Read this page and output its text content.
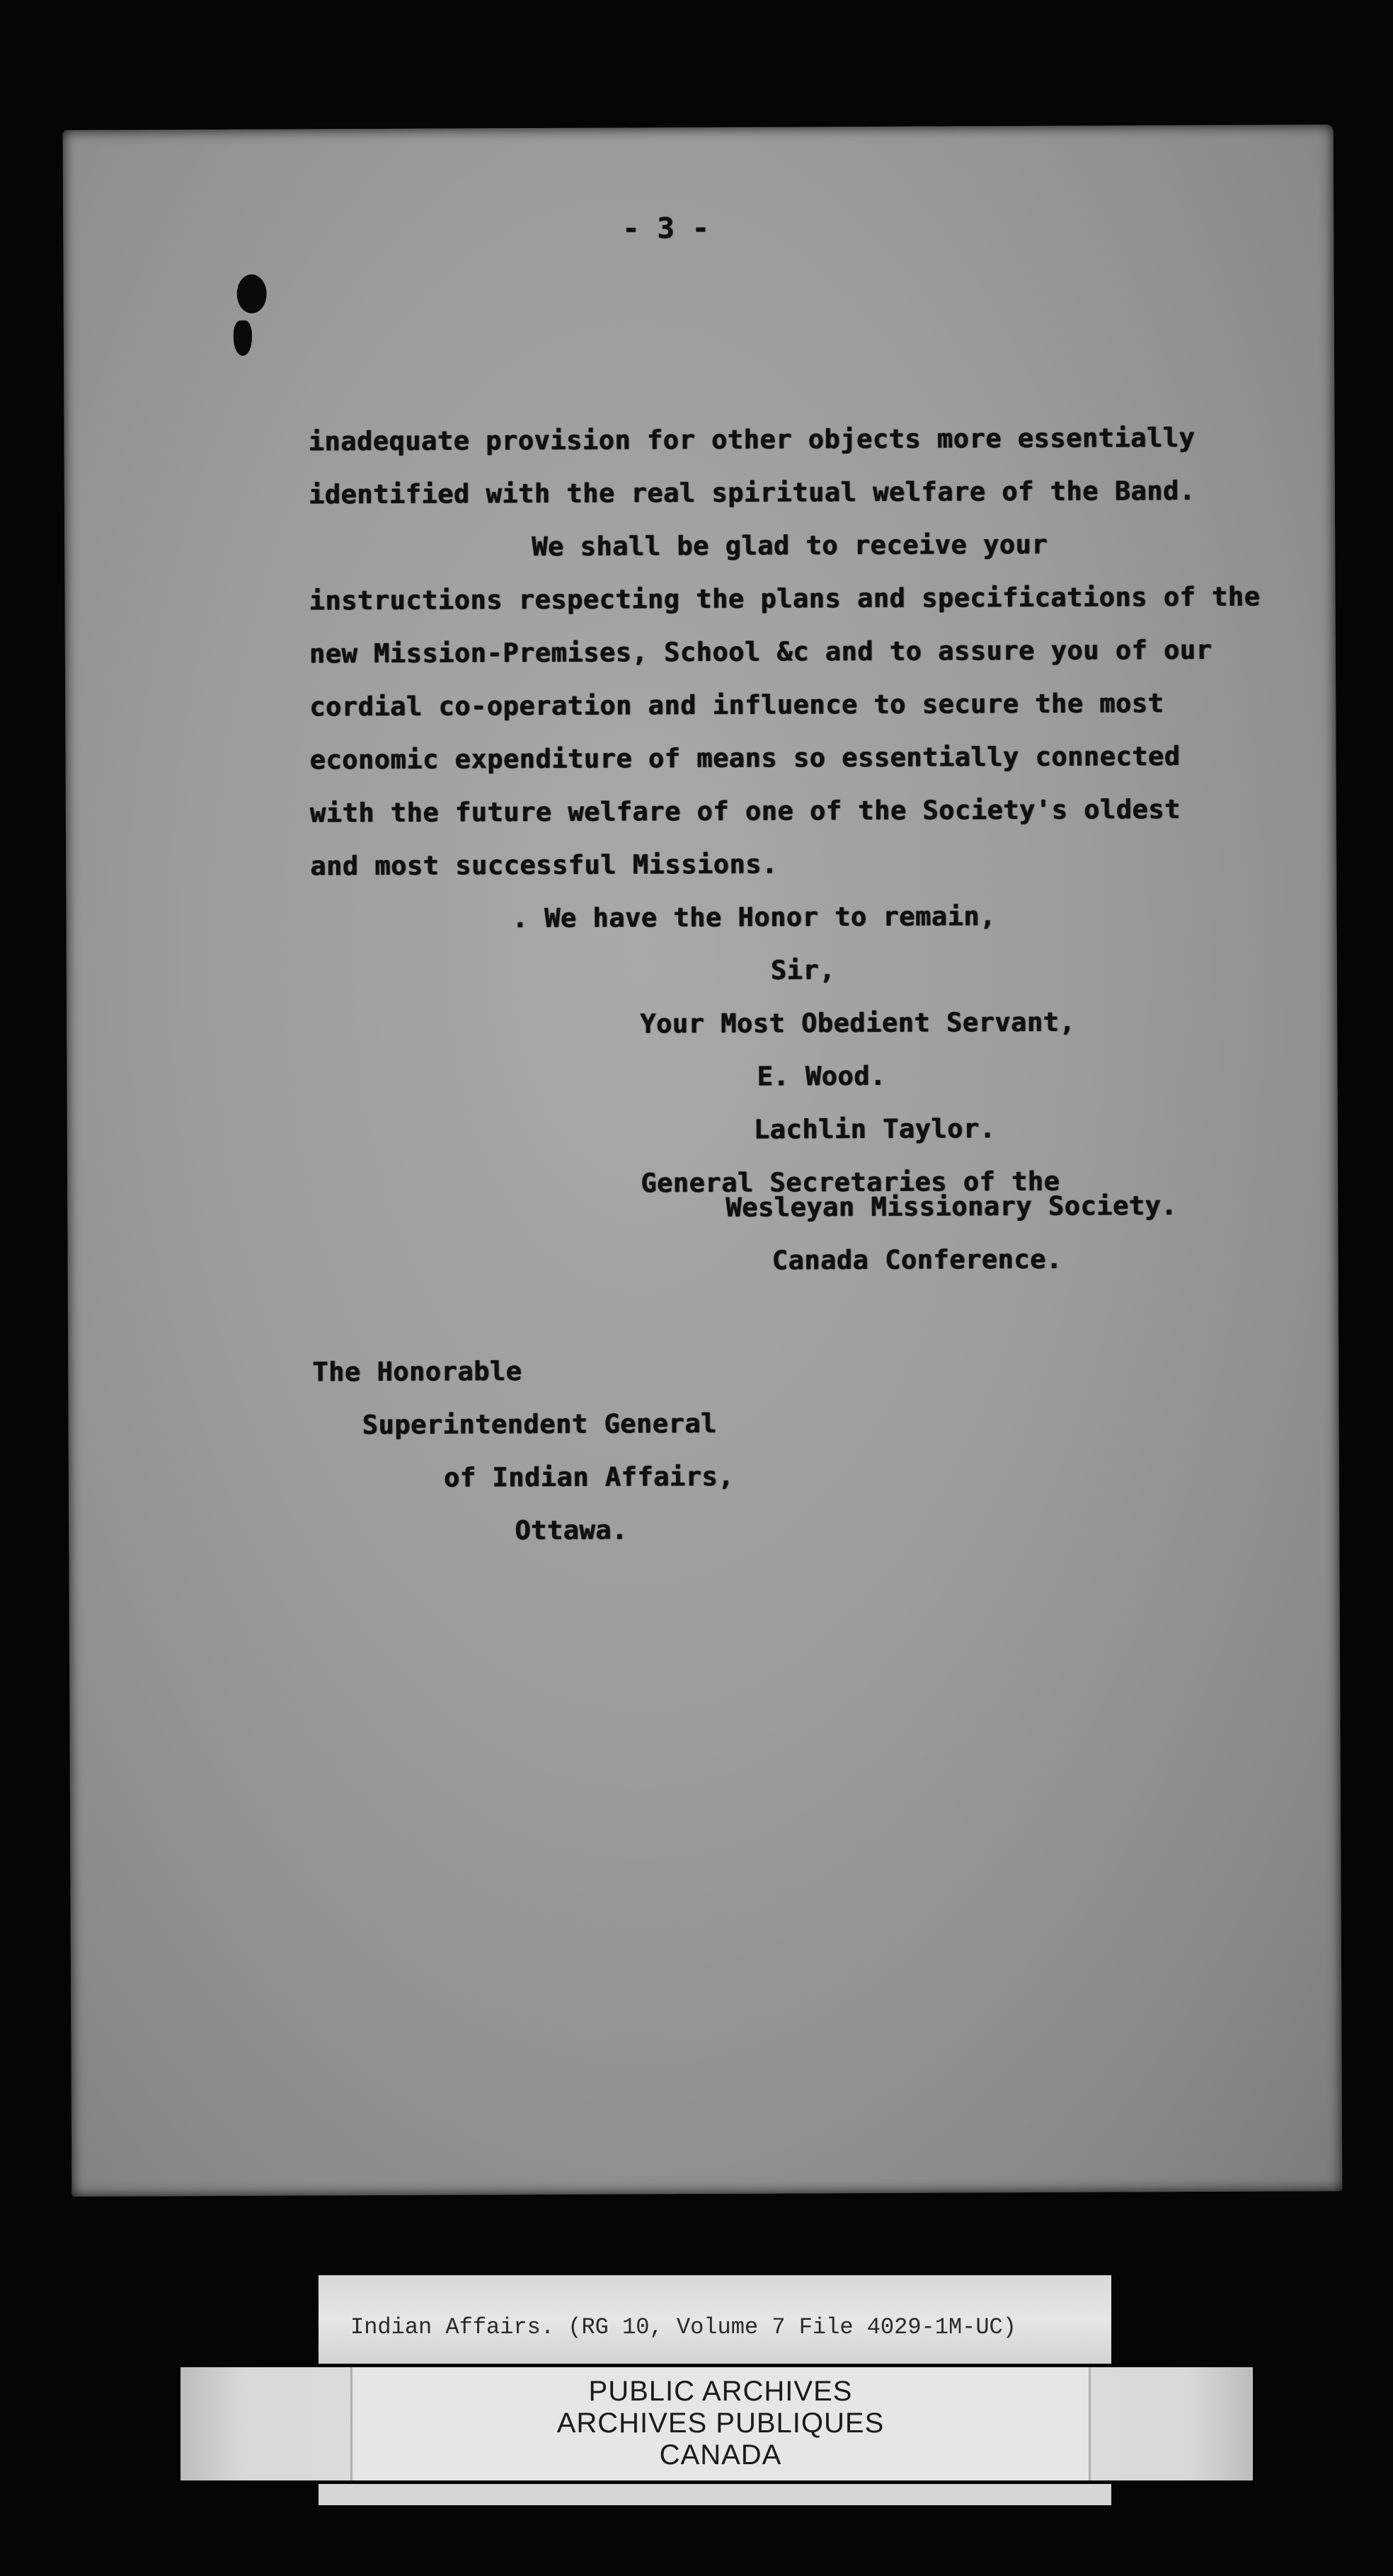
- 3 -
inadequate provision for other objects more essentially
identified with the real spiritual welfare of the Band.
We shall be glad to receive your
instructions respecting the plans and specifications of the
new Mission-Premises, School &c and to assure you of our
cordial co-operation and influence to secure the most
economic expenditure of means so essentially connected
with the future welfare of one of the Society's oldest
and most successful Missions.
. We have the Honor to remain,
Sir,
Your Most Obedient Servant,
E. Wood.
Lachlin Taylor.
General Secretaries of the
Wesleyan Missionary Society.
Canada Conference.
The Honorable
Superintendent General
of Indian Affairs,
Ottawa.
Indian Affairs. (RG 10, Volume 7 File 4029-1M-UC)
PUBLIC ARCHIVES
ARCHIVES PUBLIQUES
CANADA
